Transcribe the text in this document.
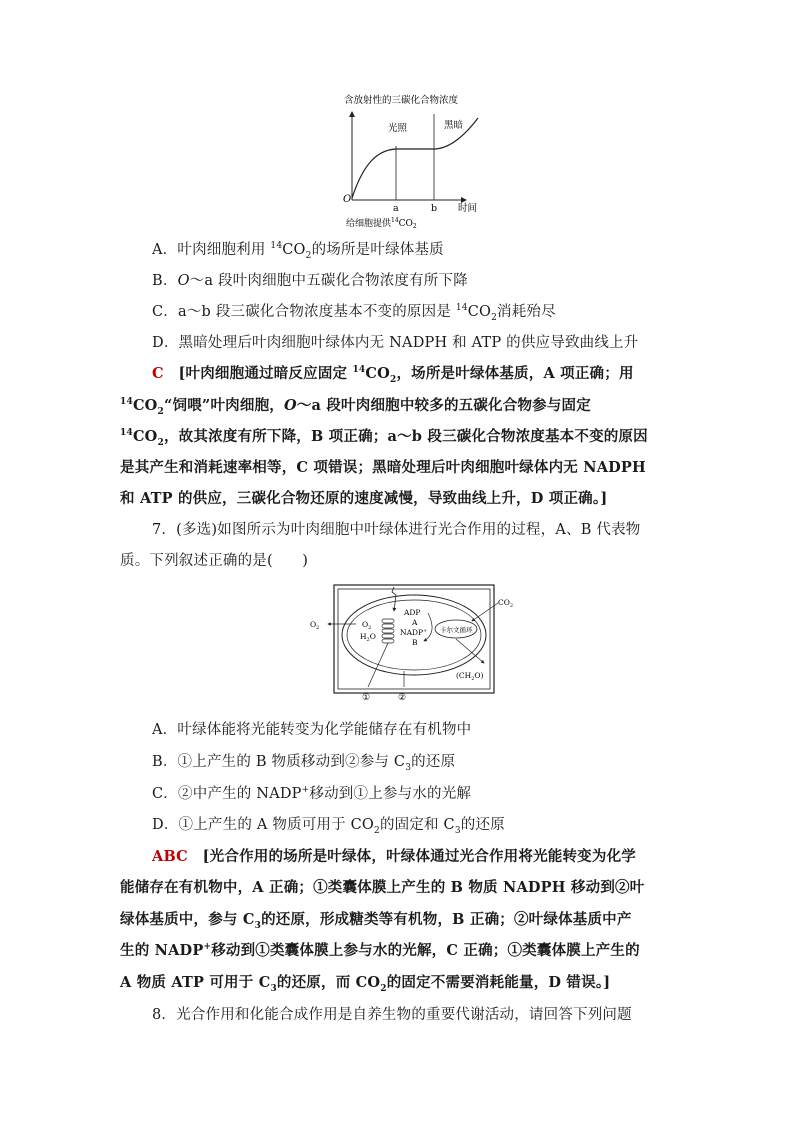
含放射性的三碳化合物浓度
光照	黑暗
O
a	b 时间
给细胞提供$^{14}CO_2$
A．叶肉细胞利用 $^{14}CO_2$的场所是叶绿体基质
B．O～a 段叶肉细胞中五碳化合物浓度有所下降
C．a～b 段三碳化合物浓度基本不变的原因是 $^{14}CO_2$消耗殆尽
D．黑暗处理后叶肉细胞叶绿体内无 NADPH 和 ATP 的供应导致曲线上升
C  [叶肉细胞通过暗反应固定 $^{14}CO_2$，场所是叶绿体基质，A 项正确；用
$^{14}CO_2“$饲喂”叶肉细胞，O～a 段叶肉细胞中较多的五碳化合物参与固定
$^{14}CO_2$，故其浓度有所下降，B 项正确；a～b 段三碳化合物浓度基本不变的原因
是其产生和消耗速率相等，C 项错误；黑暗处理后叶肉细胞叶绿体内无 NADPH
和 ATP 的供应，三碳化合物还原的速度减慢，导致曲线上升，D 项正确。]
7．(多选)如图所示为叶肉细胞中叶绿体进行光合作用的过程，A、B 代表物
质。下列叙述正确的是(　　)
$O_2$
$CO_2$
$O_2$
$H_2O$
ADP
A
NADP+
B
卡尔文循环
$(CH_2O)$
①	②
A．叶绿体能将光能转变为化学能储存在有机物中
B．①上产生的 B 物质移动到②参与 $C_3$的还原
C．②中产生的 NADP+移动到①上参与水的光解
D．①上产生的 A 物质可用于 $CO_2$的固定和 $C_3$的还原
ABC  [光合作用的场所是叶绿体，叶绿体通过光合作用将光能转变为化学
能储存在有机物中，A 正确；①类囊体膜上产生的 B 物质 NADPH 移动到②叶
绿体基质中，参与 $C_3$的还原，形成糖类等有机物，B 正确；②叶绿体基质中产
生的 NADP+移动到①类囊体膜上参与水的光解，C 正确；①类囊体膜上产生的
A 物质 ATP 可用于 $C_3$的还原，而 $CO_2$的固定不需要消耗能量，D 错误。]
8．光合作用和化能合成作用是自养生物的重要代谢活动，请回答下列问题
